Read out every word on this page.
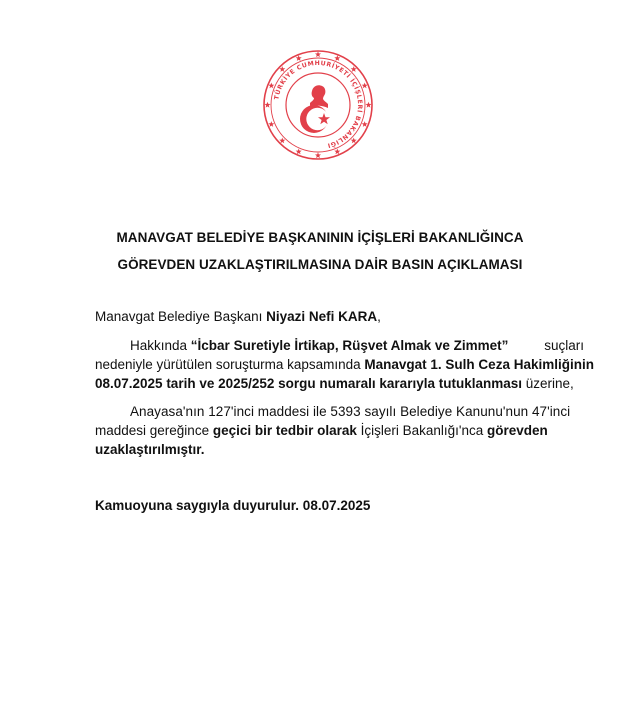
TÜRKİYE CUMHURİYETİ İÇİŞLERİ BAKANLIĞI
MANAVGAT BELEDİYE BAŞKANININ İÇİŞLERİ BAKANLIĞINCA
GÖREVDEN UZAKLAŞTIRILMASINA DAİR BASIN AÇIKLAMASI
Manavgat Belediye Başkanı Niyazi Nefi KARA,
Hakkında “İcbar Suretiyle İrtikap, Rüşvet Almak ve Zimmet”	suçları
nedeniyle yürütülen soruşturma kapsamında Manavgat 1. Sulh Ceza Hakimliğinin
08.07.2025 tarih ve 2025/252 sorgu numaralı kararıyla tutuklanması üzerine,
Anayasa'nın 127'inci maddesi ile 5393 sayılı Belediye Kanunu'nun 47'inci
maddesi gereğince geçici bir tedbir olarak İçişleri Bakanlığı'nca görevden
uzaklaştırılmıştır.
Kamuoyuna saygıyla duyurulur. 08.07.2025
